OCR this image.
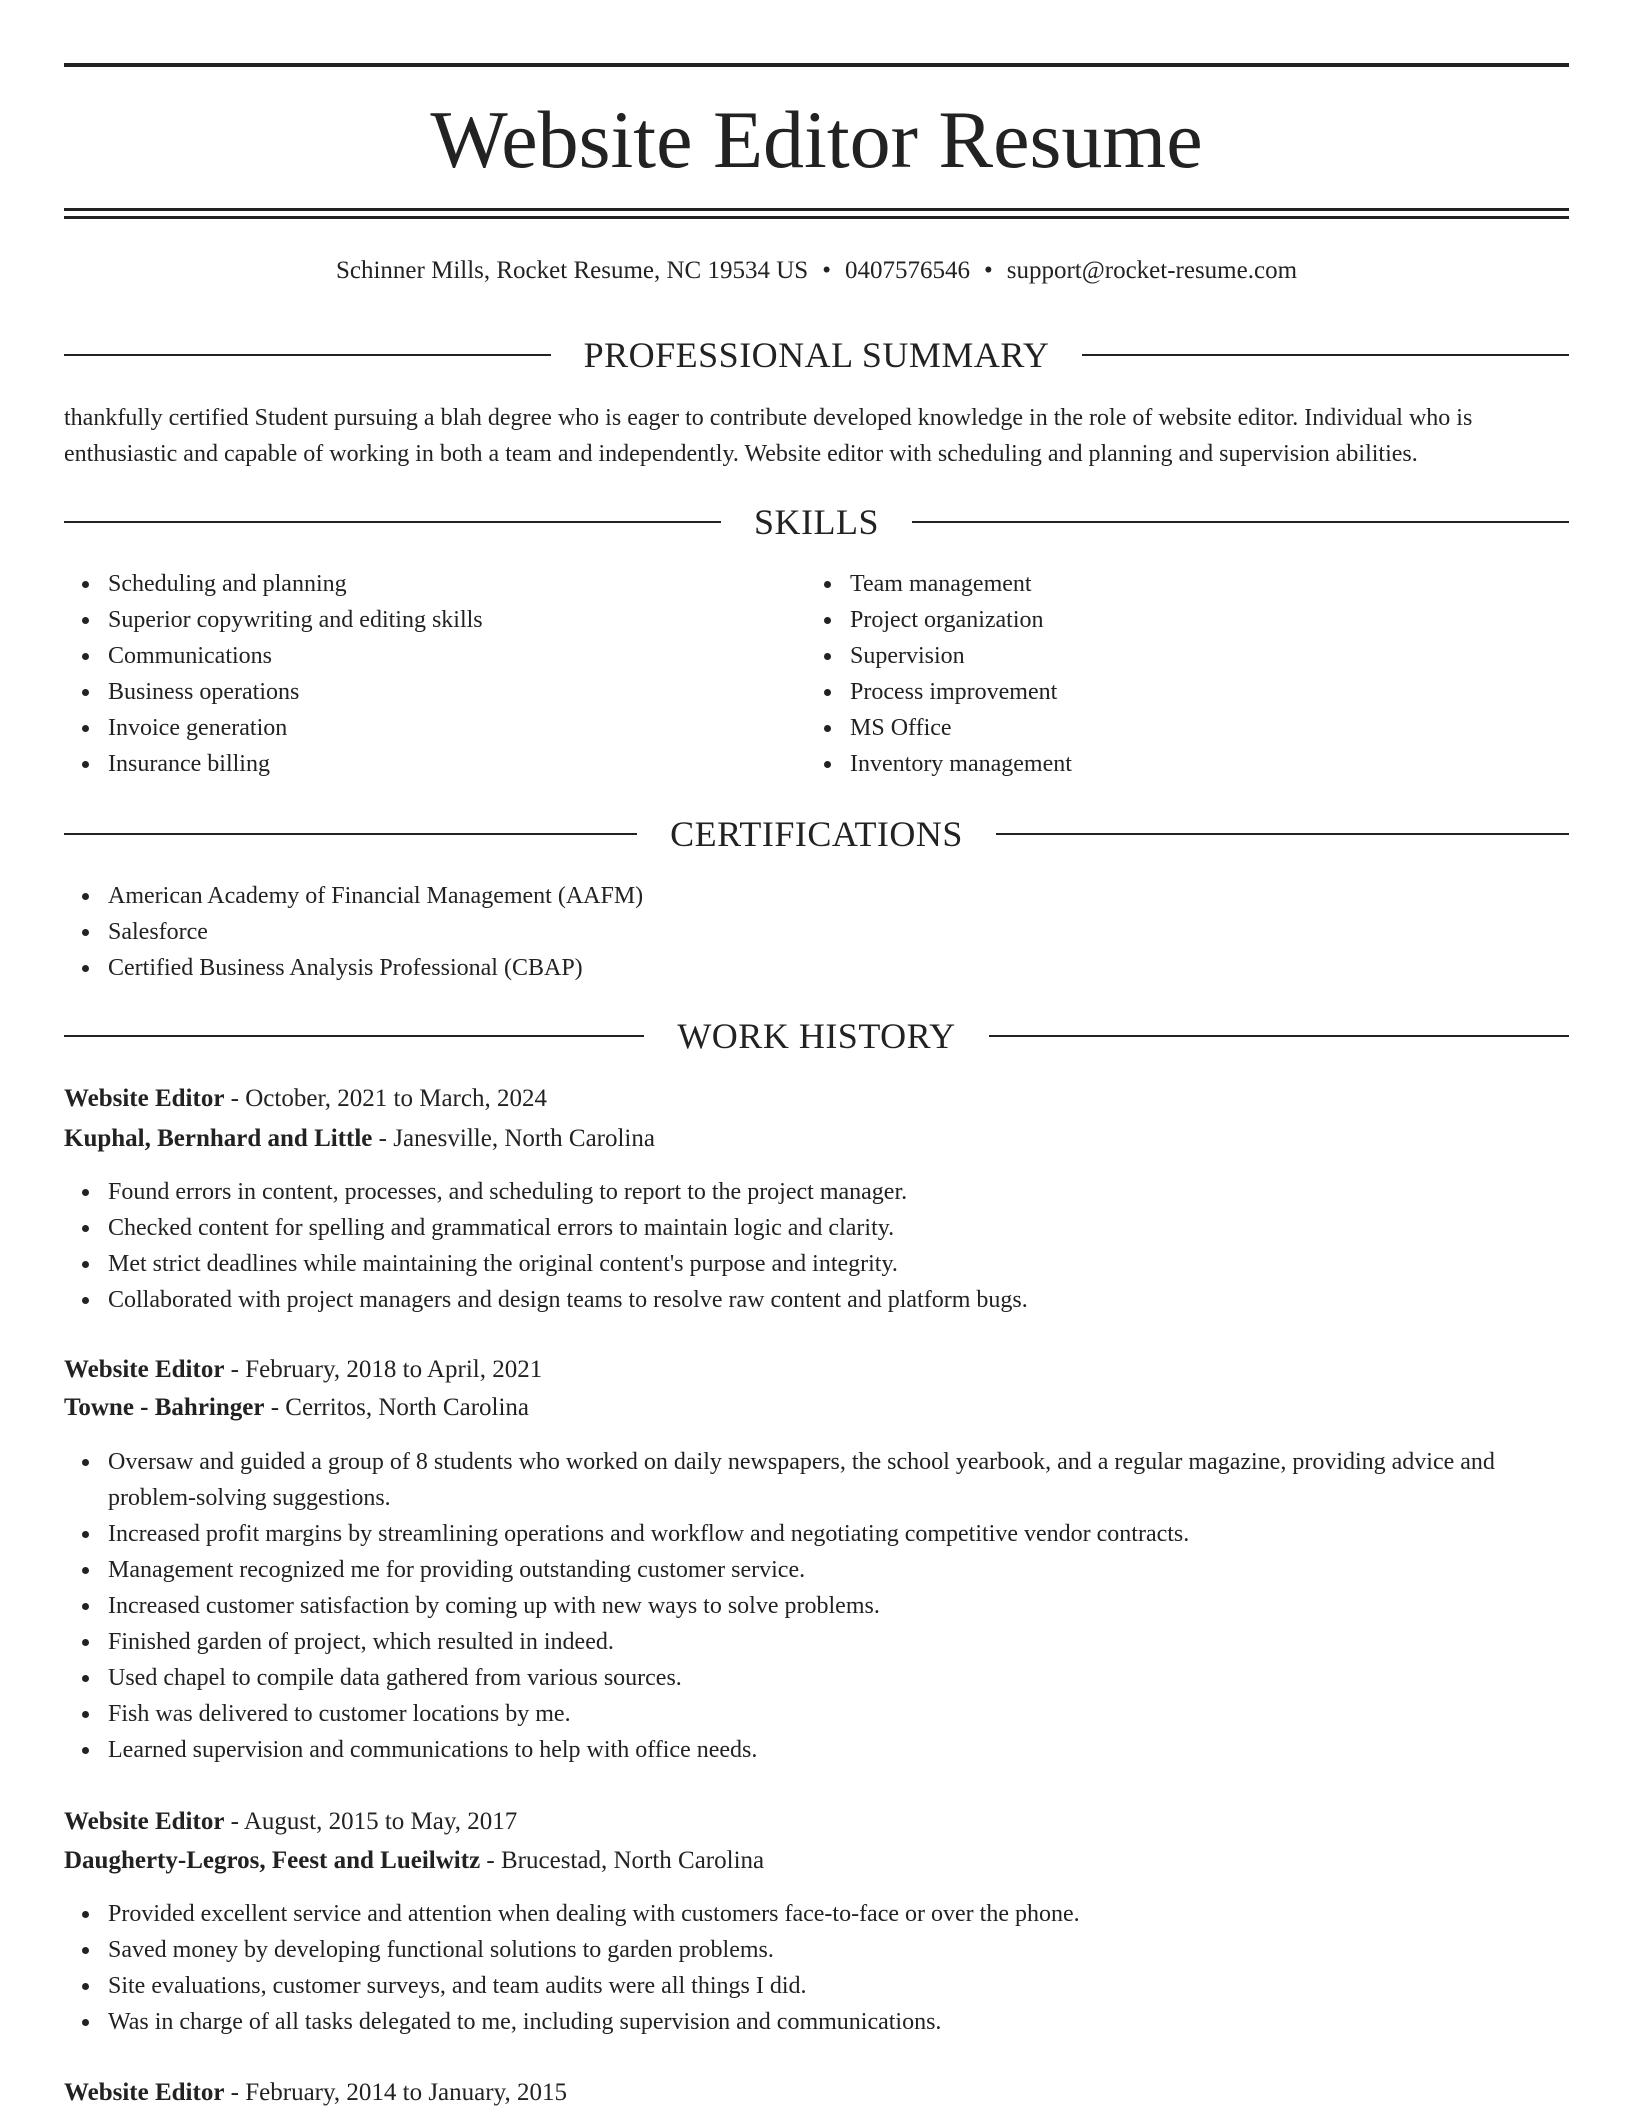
Website Editor Resume
Schinner Mills, Rocket Resume, NC 19534 US • 0407576546 • support@rocket-resume.com
PROFESSIONAL SUMMARY
thankfully certified Student pursuing a blah degree who is eager to contribute developed knowledge in the role of website editor. Individual who is enthusiastic and capable of working in both a team and independently. Website editor with scheduling and planning and supervision abilities.
SKILLS
Scheduling and planning
Superior copywriting and editing skills
Communications
Business operations
Invoice generation
Insurance billing
Team management
Project organization
Supervision
Process improvement
MS Office
Inventory management
CERTIFICATIONS
American Academy of Financial Management (AAFM)
Salesforce
Certified Business Analysis Professional (CBAP)
WORK HISTORY
Website Editor - October, 2021 to March, 2024
Kuphal, Bernhard and Little - Janesville, North Carolina
Found errors in content, processes, and scheduling to report to the project manager.
Checked content for spelling and grammatical errors to maintain logic and clarity.
Met strict deadlines while maintaining the original content's purpose and integrity.
Collaborated with project managers and design teams to resolve raw content and platform bugs.
Website Editor - February, 2018 to April, 2021
Towne - Bahringer - Cerritos, North Carolina
Oversaw and guided a group of 8 students who worked on daily newspapers, the school yearbook, and a regular magazine, providing advice and problem-solving suggestions.
Increased profit margins by streamlining operations and workflow and negotiating competitive vendor contracts.
Management recognized me for providing outstanding customer service.
Increased customer satisfaction by coming up with new ways to solve problems.
Finished garden of project, which resulted in indeed.
Used chapel to compile data gathered from various sources.
Fish was delivered to customer locations by me.
Learned supervision and communications to help with office needs.
Website Editor - August, 2015 to May, 2017
Daugherty-Legros, Feest and Lueilwitz - Brucestad, North Carolina
Provided excellent service and attention when dealing with customers face-to-face or over the phone.
Saved money by developing functional solutions to garden problems.
Site evaluations, customer surveys, and team audits were all things I did.
Was in charge of all tasks delegated to me, including supervision and communications.
Website Editor - February, 2014 to January, 2015
